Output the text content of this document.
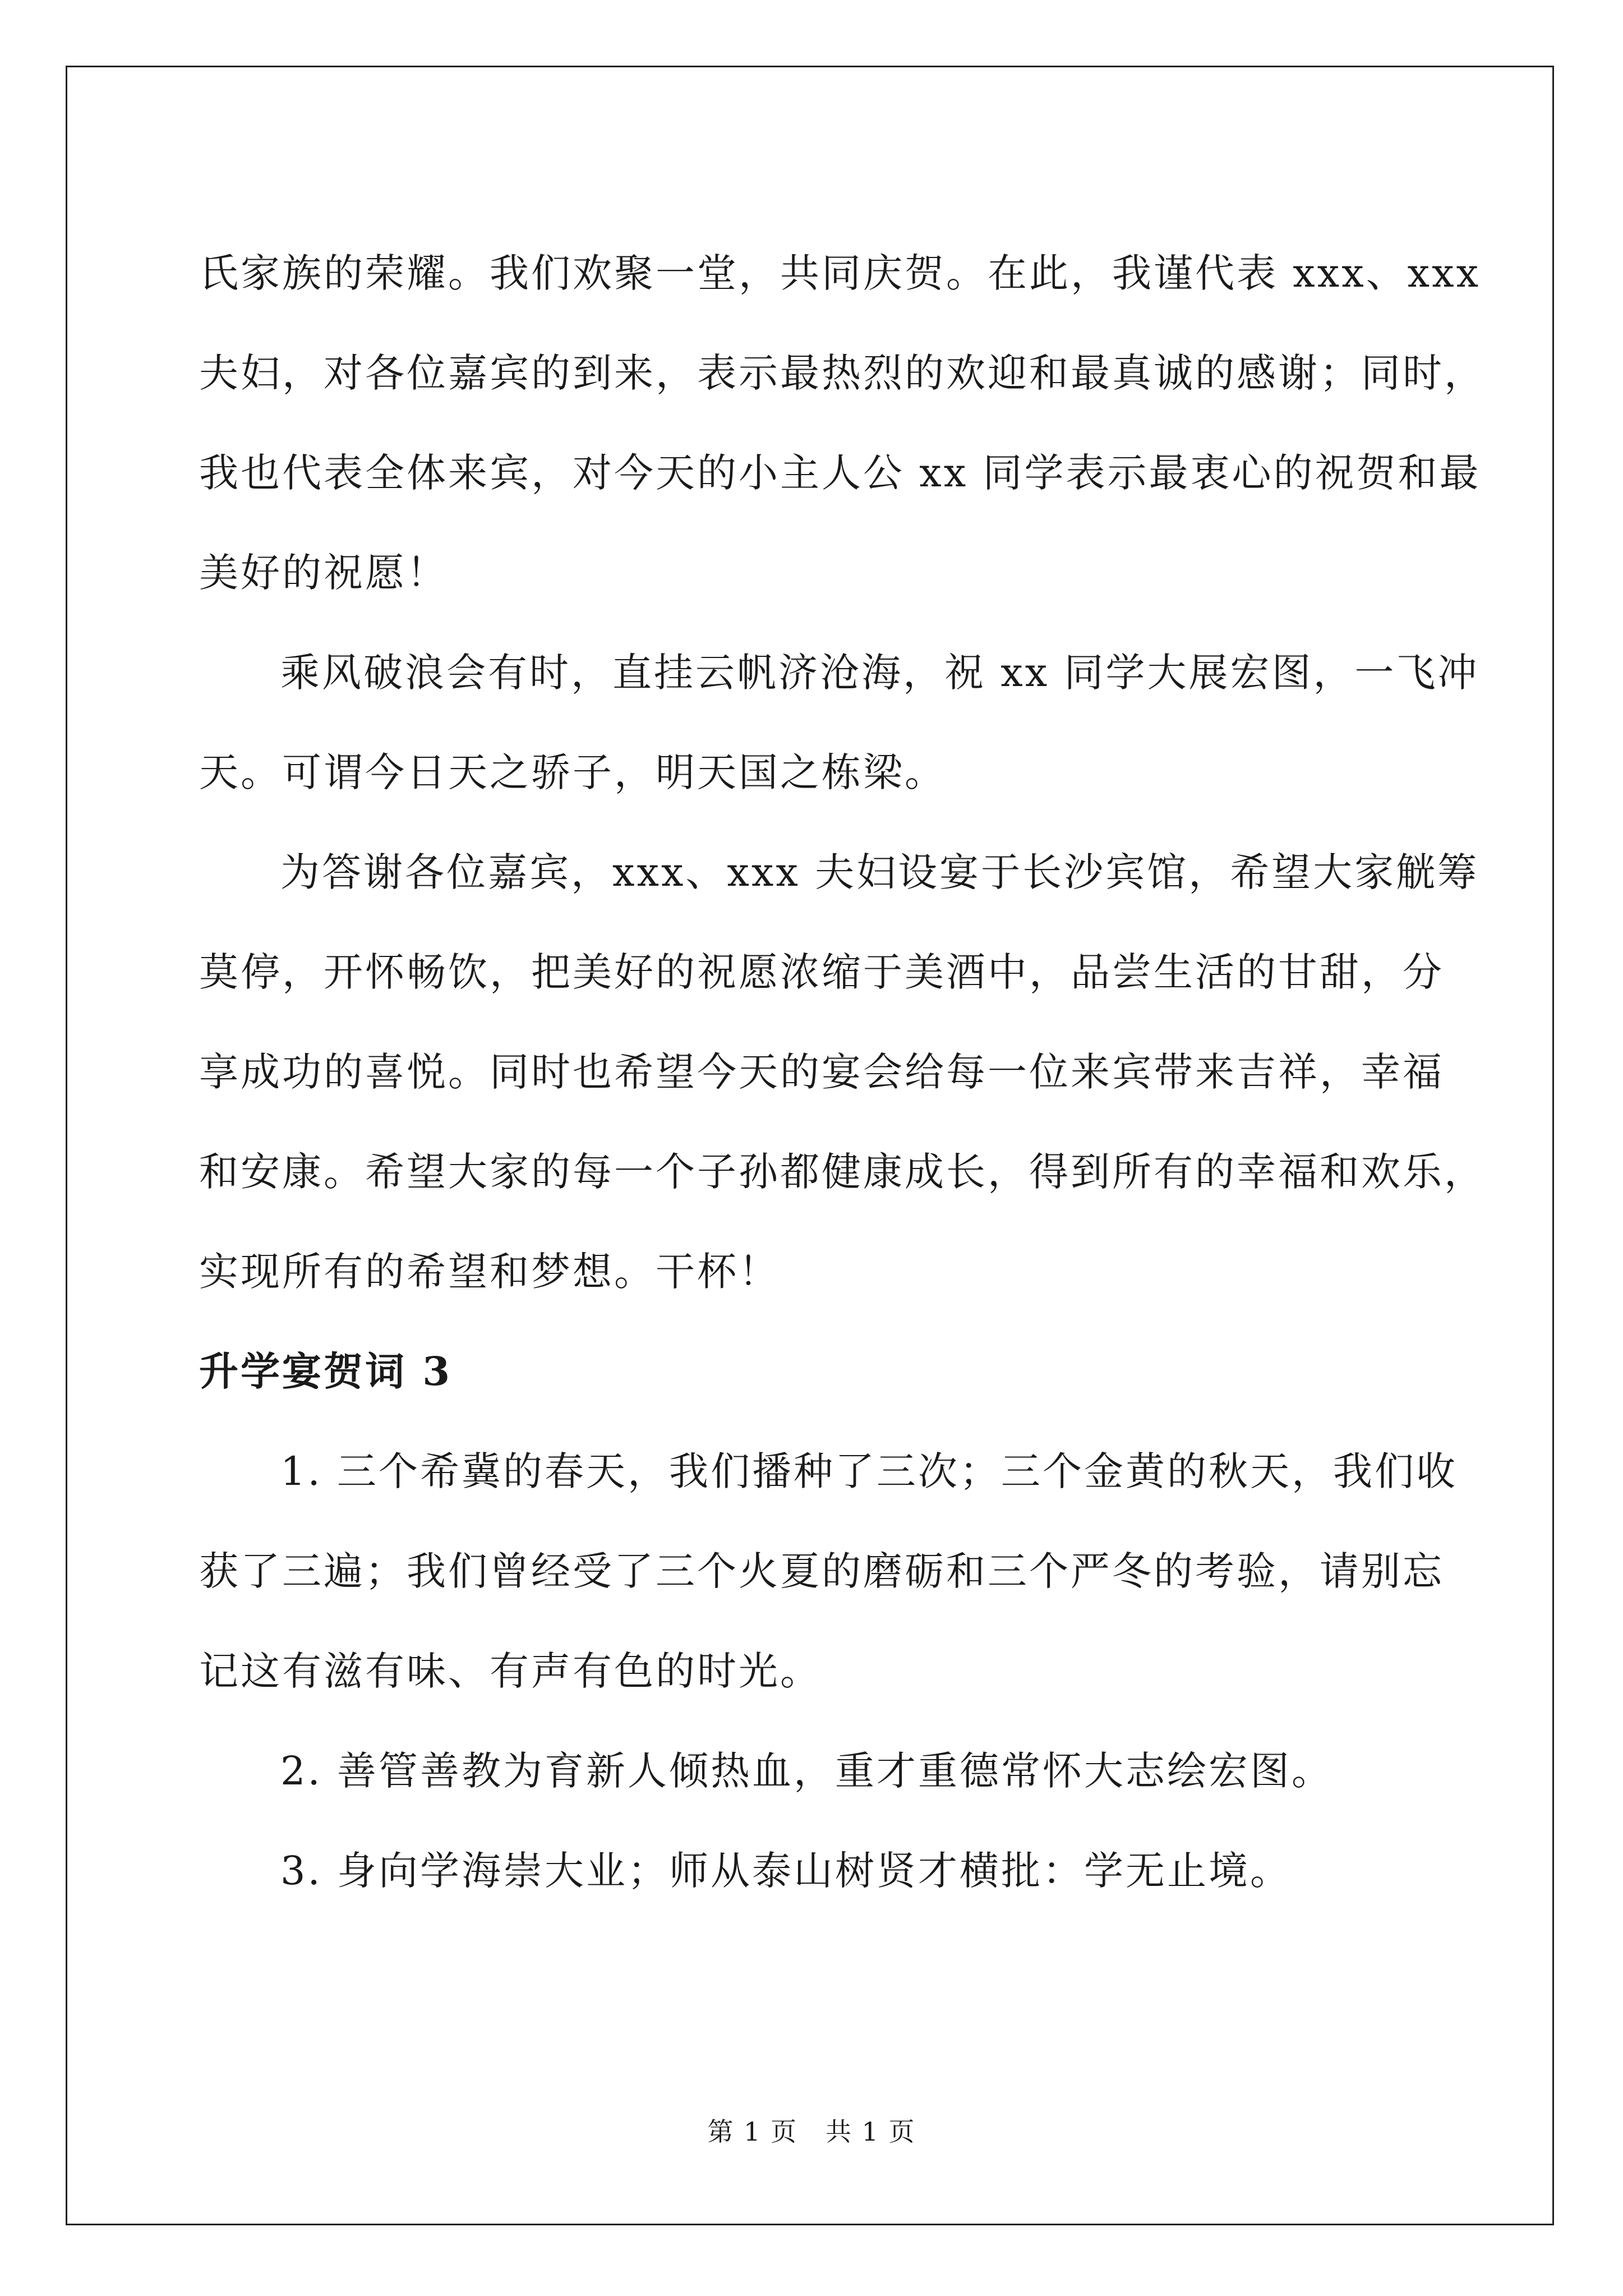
氏家族的荣耀。我们欢聚一堂，共同庆贺。在此，我谨代表 xxx、xxx

夫妇，对各位嘉宾的到来，表示最热烈的欢迎和最真诚的感谢；同时，

我也代表全体来宾，对今天的小主人公 xx 同学表示最衷心的祝贺和最

美好的祝愿！

乘风破浪会有时，直挂云帆济沧海，祝 xx 同学大展宏图，一飞冲

天。可谓今日天之骄子，明天国之栋梁。

为答谢各位嘉宾，xxx、xxx 夫妇设宴于长沙宾馆，希望大家觥筹

莫停，开怀畅饮，把美好的祝愿浓缩于美酒中，品尝生活的甘甜，分

享成功的喜悦。同时也希望今天的宴会给每一位来宾带来吉祥，幸福

和安康。希望大家的每一个子孙都健康成长，得到所有的幸福和欢乐，

实现所有的希望和梦想。干杯！

升学宴贺词 3

1. 三个希冀的春天，我们播种了三次；三个金黄的秋天，我们收

获了三遍；我们曾经受了三个火夏的磨砺和三个严冬的考验，请别忘

记这有滋有味、有声有色的时光。

2. 善管善教为育新人倾热血，重才重德常怀大志绘宏图。

3. 身向学海崇大业；师从泰山树贤才横批：学无止境。

第 1 页 共 1 页
